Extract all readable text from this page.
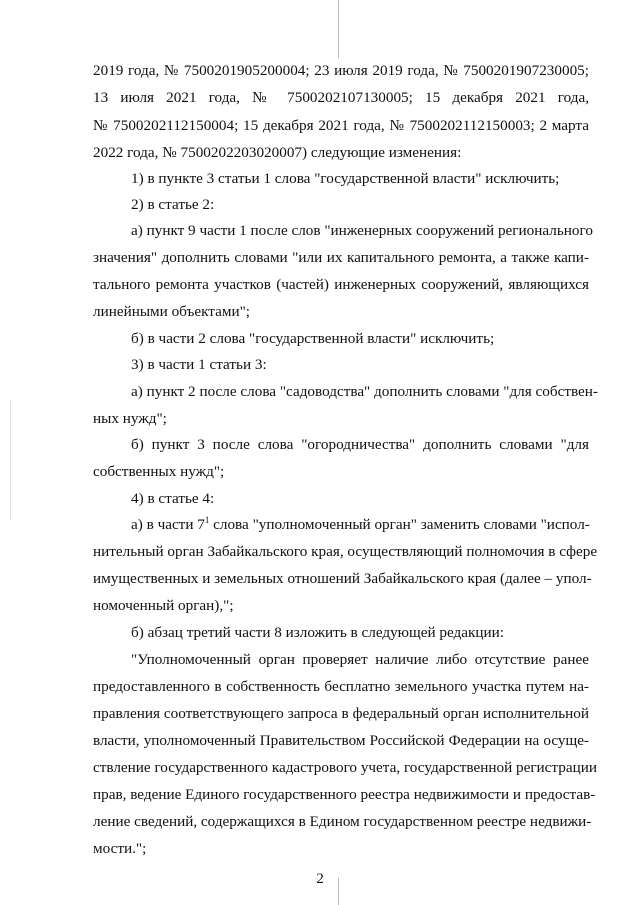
2019 года, № 7500201905200004; 23 июля 2019 года, № 7500201907230005;
13 июля 2021 года, № 7500202107130005; 15 декабря 2021 года,
№ 7500202112150004; 15 декабря 2021 года, № 7500202112150003; 2 марта
2022 года, № 7500202203020007) следующие изменения:
1) в пункте 3 статьи 1 слова "государственной власти" исключить;
2) в статье 2:
а) пункт 9 части 1 после слов "инженерных сооружений регионального
значения" дополнить словами "или их капитального ремонта, а также капи-
тального ремонта участков (частей) инженерных сооружений, являющихся
линейными объектами";
б) в части 2 слова "государственной власти" исключить;
3) в части 1 статьи 3:
а) пункт 2 после слова "садоводства" дополнить словами "для собствен-
ных нужд";
б) пункт 3 после слова "огородничества" дополнить словами "для
собственных нужд";
4) в статье 4:
а) в части $7^1$ слова "уполномоченный орган" заменить словами "испол-
нительный орган Забайкальского края, осуществляющий полномочия в сфере
имущественных и земельных отношений Забайкальского края (далее – упол-
номоченный орган),";
б) абзац третий части 8 изложить в следующей редакции:
"Уполномоченный орган проверяет наличие либо отсутствие ранее
предоставленного в собственность бесплатно земельного участка путем на-
правления соответствующего запроса в федеральный орган исполнительной
власти, уполномоченный Правительством Российской Федерации на осуще-
ствление государственного кадастрового учета, государственной регистрации
прав, ведение Единого государственного реестра недвижимости и предостав-
ление сведений, содержащихся в Едином государственном реестре недвижи-
мости.";
2
